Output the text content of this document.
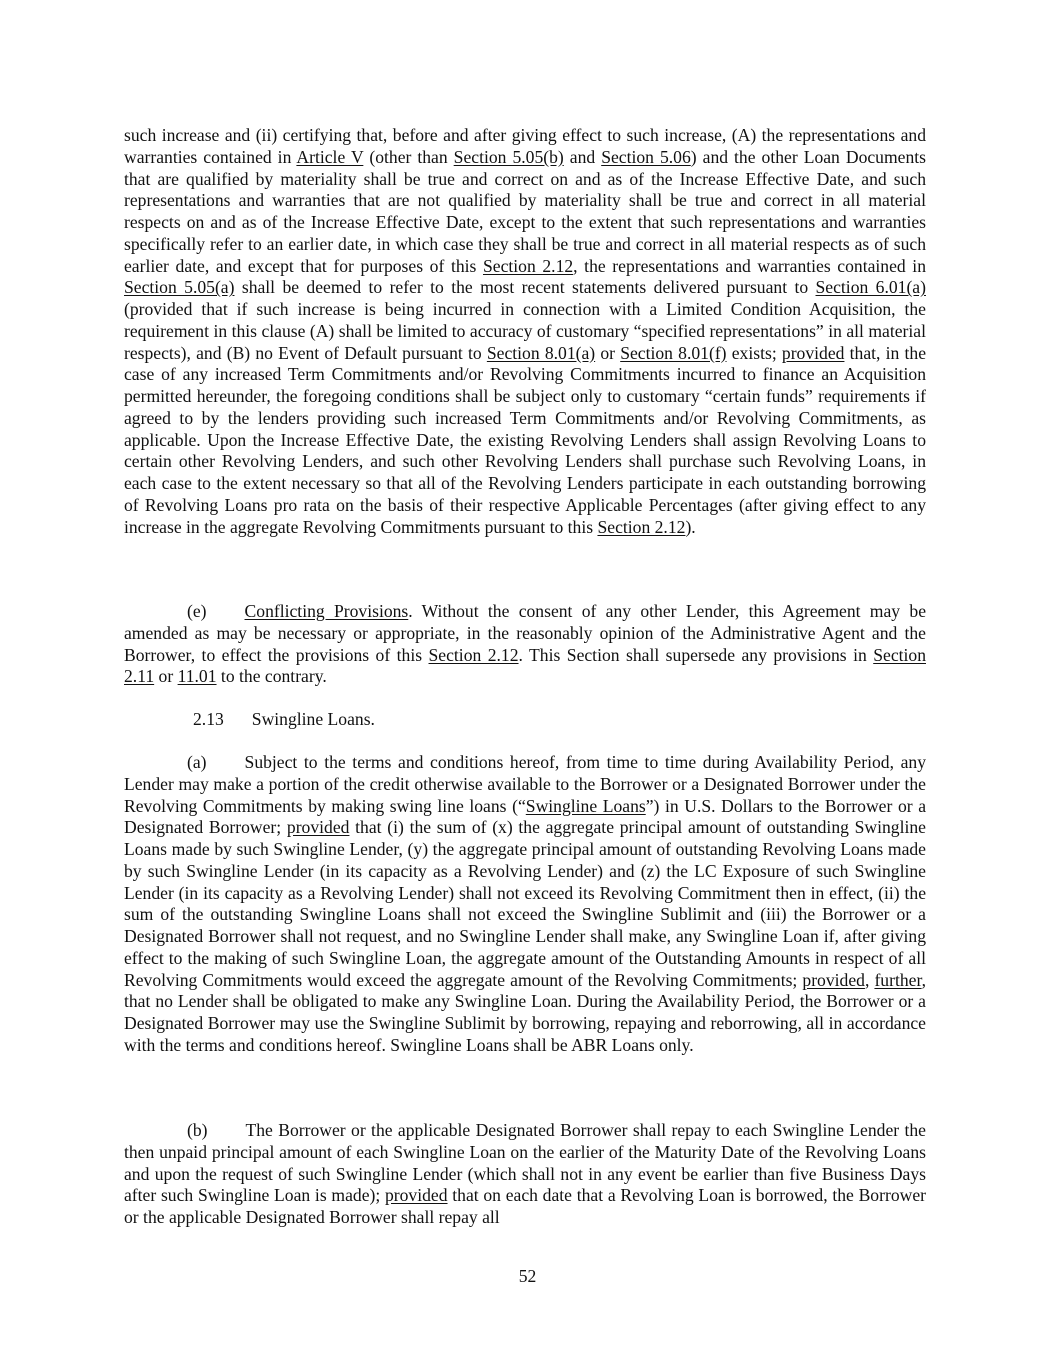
such increase and (ii) certifying that, before and after giving effect to such increase, (A) the representations and warranties contained in Article V (other than Section 5.05(b) and Section 5.06) and the other Loan Documents that are qualified by materiality shall be true and correct on and as of the Increase Effective Date, and such representations and warranties that are not qualified by materiality shall be true and correct in all material respects on and as of the Increase Effective Date, except to the extent that such representations and warranties specifically refer to an earlier date, in which case they shall be true and correct in all material respects as of such earlier date, and except that for purposes of this Section 2.12, the representations and warranties contained in Section 5.05(a) shall be deemed to refer to the most recent statements delivered pursuant to Section 6.01(a) (provided that if such increase is being incurred in connection with a Limited Condition Acquisition, the requirement in this clause (A) shall be limited to accuracy of customary “specified representations” in all material respects), and (B) no Event of Default pursuant to Section 8.01(a) or Section 8.01(f) exists; provided that, in the case of any increased Term Commitments and/or Revolving Commitments incurred to finance an Acquisition permitted hereunder, the foregoing conditions shall be subject only to customary “certain funds” requirements if agreed to by the lenders providing such increased Term Commitments and/or Revolving Commitments, as applicable. Upon the Increase Effective Date, the existing Revolving Lenders shall assign Revolving Loans to certain other Revolving Lenders, and such other Revolving Lenders shall purchase such Revolving Loans, in each case to the extent necessary so that all of the Revolving Lenders participate in each outstanding borrowing of Revolving Loans pro rata on the basis of their respective Applicable Percentages (after giving effect to any increase in the aggregate Revolving Commitments pursuant to this Section 2.12).

(e) Conflicting Provisions. Without the consent of any other Lender, this Agreement may be amended as may be necessary or appropriate, in the reasonably opinion of the Administrative Agent and the Borrower, to effect the provisions of this Section 2.12. This Section shall supersede any provisions in Section 2.11 or 11.01 to the contrary.

2.13 Swingline Loans.

(a) Subject to the terms and conditions hereof, from time to time during Availability Period, any Lender may make a portion of the credit otherwise available to the Borrower or a Designated Borrower under the Revolving Commitments by making swing line loans (“Swingline Loans”) in U.S. Dollars to the Borrower or a Designated Borrower; provided that (i) the sum of (x) the aggregate principal amount of outstanding Swingline Loans made by such Swingline Lender, (y) the aggregate principal amount of outstanding Revolving Loans made by such Swingline Lender (in its capacity as a Revolving Lender) and (z) the LC Exposure of such Swingline Lender (in its capacity as a Revolving Lender) shall not exceed its Revolving Commitment then in effect, (ii) the sum of the outstanding Swingline Loans shall not exceed the Swingline Sublimit and (iii) the Borrower or a Designated Borrower shall not request, and no Swingline Lender shall make, any Swingline Loan if, after giving effect to the making of such Swingline Loan, the aggregate amount of the Outstanding Amounts in respect of all Revolving Commitments would exceed the aggregate amount of the Revolving Commitments; provided, further, that no Lender shall be obligated to make any Swingline Loan. During the Availability Period, the Borrower or a Designated Borrower may use the Swingline Sublimit by borrowing, repaying and reborrowing, all in accordance with the terms and conditions hereof. Swingline Loans shall be ABR Loans only.

(b) The Borrower or the applicable Designated Borrower shall repay to each Swingline Lender the then unpaid principal amount of each Swingline Loan on the earlier of the Maturity Date of the Revolving Loans and upon the request of such Swingline Lender (which shall not in any event be earlier than five Business Days after such Swingline Loan is made); provided that on each date that a Revolving Loan is borrowed, the Borrower or the applicable Designated Borrower shall repay all

52
